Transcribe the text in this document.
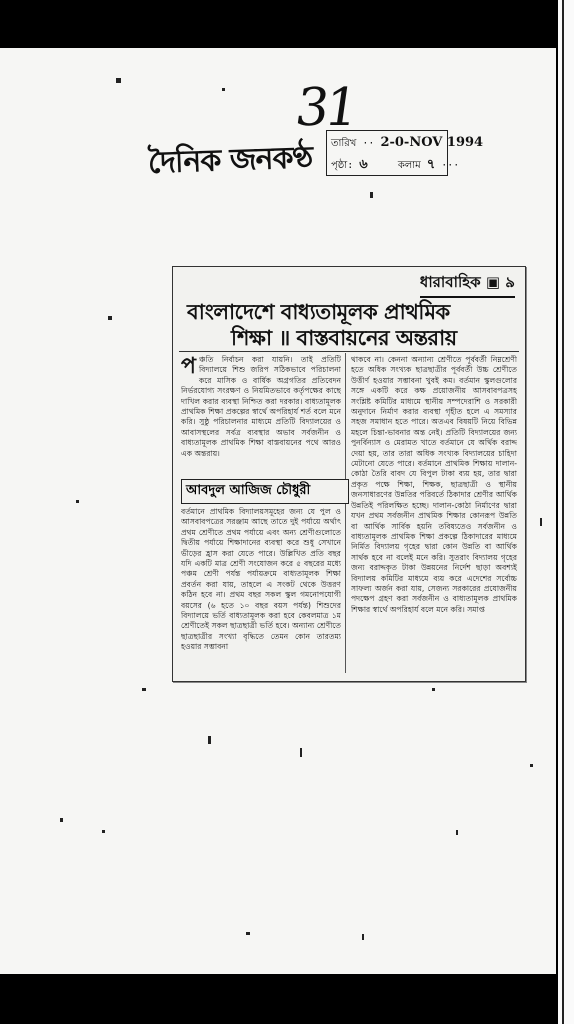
31
দৈনিক জনকণ্ঠ তারিখ ·· 2-0-NOV 1994
পৃষ্ঠা: ৬	কলাম ৭ ···
ধারাবাহিক ▣ ৯
বাংলাদেশে বাধ্যতামূলক প্রাথমিক
শিক্ষা ॥ বাস্তবায়নের অন্তরায়
প ঞ্চতি নির্বাচন করা যায়নি। তাই প্রতিটি বিদ্যালয়ে শিশু জরিপ সঠিকভাবে পরিচালনা করে মাসিক ও বার্ষিক অগ্রগতির প্রতিবেদন নির্ভরযোগ্য সংরক্ষণ ও নিয়মিতভাবে কর্তৃপক্ষের কাছে দাখিল করার ব্যবস্থা নিশ্চিত করা দরকার। বাধ্যতামূলক প্রাথমিক শিক্ষা প্রকল্পের স্বার্থে অপরিহার্য শর্ত বলে মনে করি। সুষ্ঠু পরিচালনার মাধ্যমে প্রতিটি বিদ্যালয়ের ও আবাসস্থলের সর্বত্র ব্যবস্থার অভাব সর্বজনীন ও বাধ্যতামূলক প্রাথমিক শিক্ষা বাস্তবায়নের পথে আরও এক অন্তরায়।
আবদুল আজিজ চৌধুরী
বর্তমানে প্রাথমিক বিদ্যালয়সমূহের জন্য যে পুল ও আসবাবপত্রের সরঞ্জাম আছে তাতে দুই পর্যায়ে অর্থাৎ প্রথম শ্রেণীতে প্রথম পর্যায়ে এবং অন্য শ্রেণীগুলোতে দ্বিতীয় পর্যায়ে শিক্ষাদানের ব্যবস্থা করে শুধু সেখানে ভীড়ের হ্রাস করা যেতে পারে। উল্লিখিত প্রতি বছর যদি একটি মাত্র শ্রেণী সংযোজন করে ৫ বছরের মধ্যে পঞ্চম শ্রেণী পর্যন্ত পর্যায়ক্রমে বাধ্যতামূলক শিক্ষা প্রবর্তন করা যায়, তাহলে এ সংকট থেকে উত্তরণ কঠিন হবে না। প্রথম বছর সকল স্কুল গমনোপযোগী বয়সের (৬ হতে ১০ বছর বয়স পর্যন্ত) শিশুদের বিদ্যালয়ে ভর্তি বাধ্যতামূলক করা হবে কেবলমাত্র ১ম শ্রেণীতেই সকল ছাত্রছাত্রী ভর্তি হবে। অন্যান্য শ্রেণীতে ছাত্রছাত্রীর সংখ্যা বৃদ্ধিতে তেমন কোন তারতম্য হওয়ার সম্ভাবনা
থাকবে না। কেননা অন্যান্য শ্রেণীতে পূর্ববর্তী নিম্নশ্রেণী হতে অধিক সংখ্যক ছাত্রছাত্রীর পূর্ববর্তী উচ্চ শ্রেণীতে উত্তীর্ণ হওয়ার সম্ভাবনা খুবই কম। বর্তমান স্কুলগুলোর সঙ্গে একটি করে কক্ষ প্রয়োজনীয় আসবাবপত্রসহ সংশ্লিষ্ট কমিটির মাধ্যমে স্থানীয় সম্পদেরাশি ও সরকারী অনুদানে নির্মাণ করার ব্যবস্থা গৃহীত হলে এ সমস্যার সহজ সমাধান হতে পারে। অতএব বিষয়টি নিয়ে বিভিন্ন মহলে চিন্তা-ভাবনার অন্ত নেই। প্রতিটি বিদ্যালয়ের জন্য পুনর্বিন্যাস ও মেরামত খাতে বর্তমানে যে অর্থিক বরাদ্দ দেয়া হয়, তার তারা অধিক সংখ্যক বিদ্যালয়ের চাহিদা মেটানো যেতে পারে। বর্তমানে প্রাথমিক শিক্ষায় দালান-কোঠা তৈরি বাবদ যে বিপুল টাকা ব্যয় হয়, তার দ্বারা প্রকৃত পক্ষে শিক্ষা, শিক্ষক, ছাত্রছাত্রী ও স্থানীয় জনসাধারণের উন্নতির পরিবর্তে ঠিকাদার শ্রেণীর আর্থিক উন্নতিই পরিলক্ষিত হচ্ছে। দালান-কোঠা নির্মাণের দ্বারা যখন প্রথম সর্বজনীন প্রাথমিক শিক্ষার কোনরূপ উন্নতি বা আর্থিক সার্বিক হয়নি তবিষ্যতেও সর্বজনীন ও বাধ্যতামূলক প্রাথমিক শিক্ষা প্রকল্পে ঠিকাদারের মাধ্যমে নির্মিত বিদ্যালয় গৃহের দ্বারা কোন উন্নতি বা আর্থিক সার্থক হবে না বলেই মনে করি। সুতরাং বিদ্যালয় গৃহের জন্য বরাদ্দকৃত টাকা উন্নয়নের নির্দেশ ছাড়া অবশ্যই বিদ্যালয় কমিটির মাধ্যমে ব্যয় করে এদেশের সর্বোচ্চ সাফল্য অর্জন করা যায়, সেজন্য সরকারের প্রযোজনীয় পদক্ষেপ গ্রহণ করা সর্বজনীন ও বাধ্যতামূলক প্রাথমিক শিক্ষার স্বার্থে অপরিহার্য বলে মনে করি। সমাপ্ত
